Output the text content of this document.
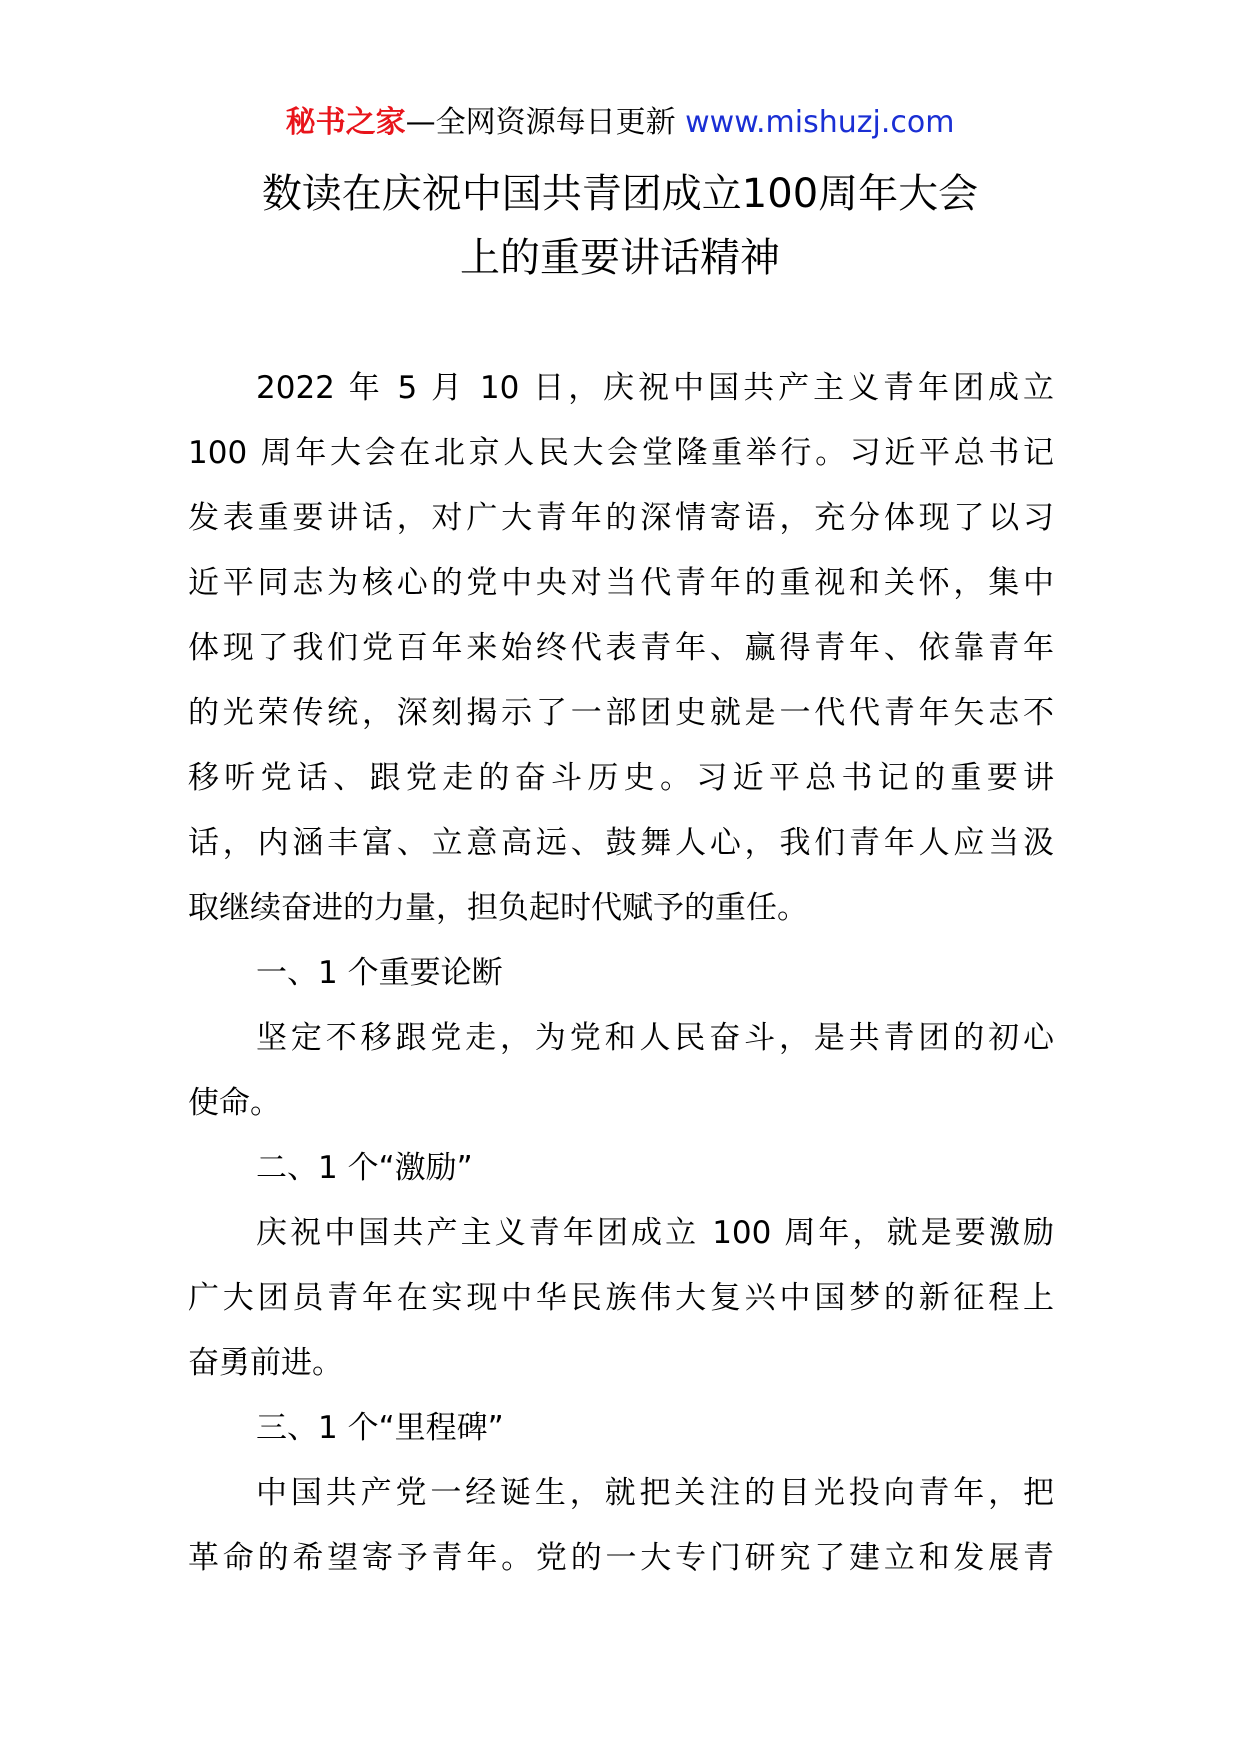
秘书之家—全网资源每日更新 www.mishuzj.com
数读在庆祝中国共青团成立100周年大会
上的重要讲话精神
2022 年 5 月 10 日，庆祝中国共产主义青年团成立
100 周年大会在北京人民大会堂隆重举行。习近平总书记
发表重要讲话，对广大青年的深情寄语，充分体现了以习
近平同志为核心的党中央对当代青年的重视和关怀，集中
体现了我们党百年来始终代表青年、赢得青年、依靠青年
的光荣传统，深刻揭示了一部团史就是一代代青年矢志不
移听党话、跟党走的奋斗历史。习近平总书记的重要讲
话，内涵丰富、立意高远、鼓舞人心，我们青年人应当汲
取继续奋进的力量，担负起时代赋予的重任。
一、1 个重要论断
坚定不移跟党走，为党和人民奋斗，是共青团的初心
使命。
二、1 个“激励”
庆祝中国共产主义青年团成立 100 周年，就是要激励
广大团员青年在实现中华民族伟大复兴中国梦的新征程上
奋勇前进。
三、1 个“里程碑”
中国共产党一经诞生，就把关注的目光投向青年，把
革命的希望寄予青年。党的一大专门研究了建立和发展青
